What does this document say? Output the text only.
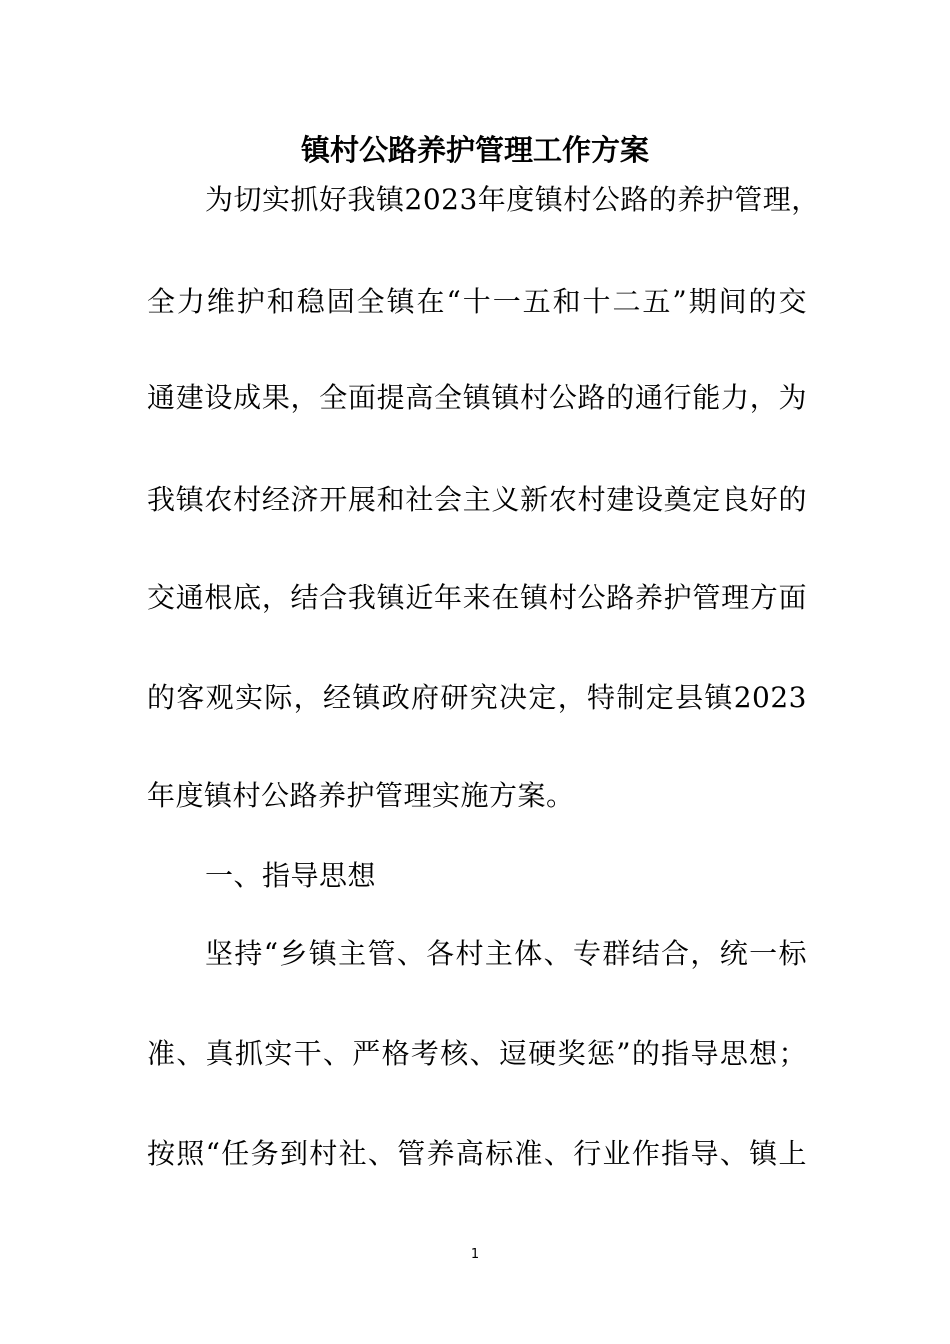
镇村公路养护管理工作方案
为切实抓好我镇2023年度镇村公路的养护管理，
全力维护和稳固全镇在“十一五和十二五”期间的交
通建设成果，全面提高全镇镇村公路的通行能力，为
我镇农村经济开展和社会主义新农村建设奠定良好的
交通根底，结合我镇近年来在镇村公路养护管理方面
的客观实际，经镇政府研究决定，特制定县镇2023
年度镇村公路养护管理实施方案。
一、指导思想
坚持“乡镇主管、各村主体、专群结合，统一标
准、真抓实干、严格考核、逗硬奖惩”的指导思想；
按照“任务到村社、管养高标准、行业作指导、镇上
1
